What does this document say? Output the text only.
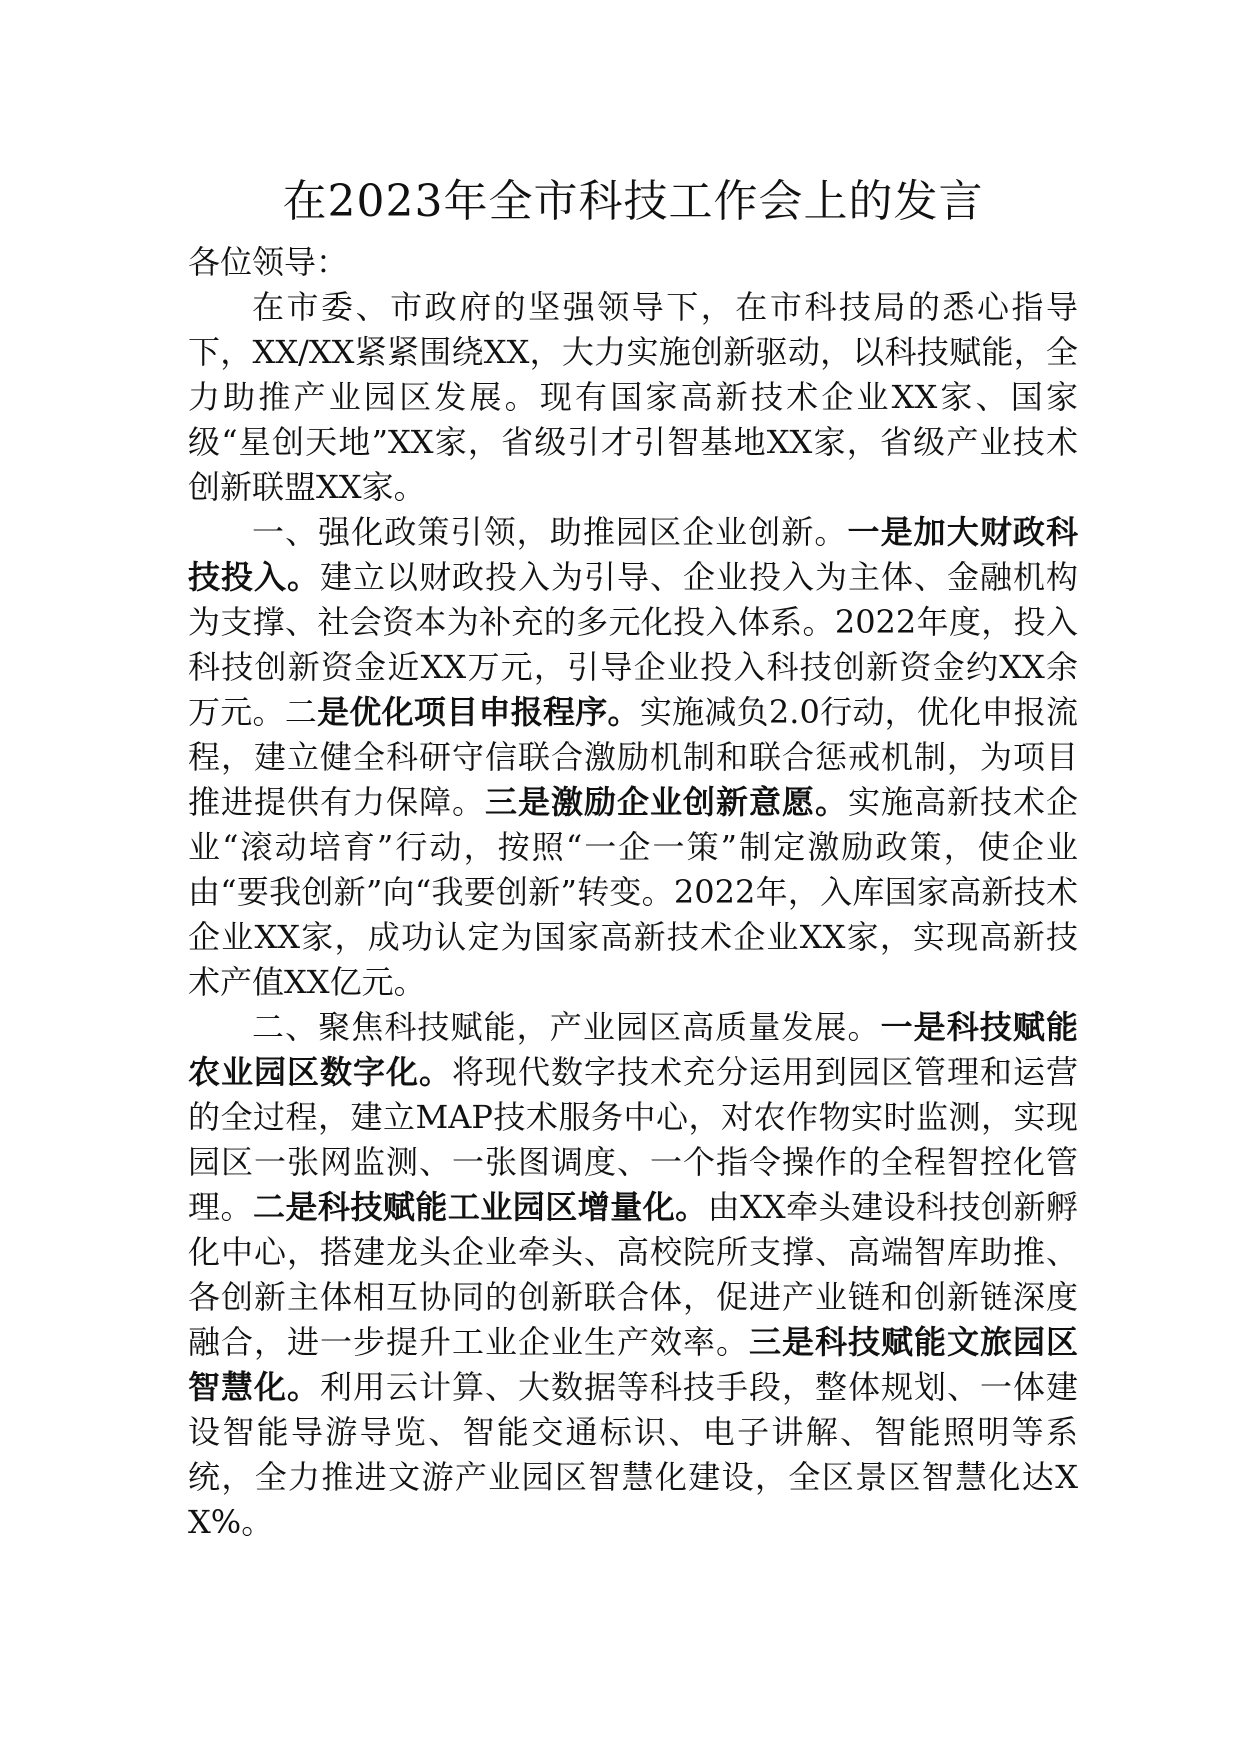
在2023年全市科技工作会上的发言

各位领导：

在市委、市政府的坚强领导下，在市科技局的悉心指导下，XX/XX紧紧围绕XX，大力实施创新驱动，以科技赋能，全力助推产业园区发展。现有国家高新技术企业XX家、国家级“星创天地”XX家，省级引才引智基地XX家，省级产业技术创新联盟XX家。

一、强化政策引领，助推园区企业创新。一是加大财政科技投入。建立以财政投入为引导、企业投入为主体、金融机构为支撑、社会资本为补充的多元化投入体系。2022年度，投入科技创新资金近XX万元，引导企业投入科技创新资金约XX余万元。二是优化项目申报程序。实施减负2.0行动，优化申报流程，建立健全科研守信联合激励机制和联合惩戒机制，为项目推进提供有力保障。三是激励企业创新意愿。实施高新技术企业“滚动培育”行动，按照“一企一策”制定激励政策，使企业由“要我创新”向“我要创新”转变。2022年，入库国家高新技术企业XX家，成功认定为国家高新技术企业XX家，实现高新技术产值XX亿元。

二、聚焦科技赋能，产业园区高质量发展。一是科技赋能农业园区数字化。将现代数字技术充分运用到园区管理和运营的全过程，建立MAP技术服务中心，对农作物实时监测，实现园区一张网监测、一张图调度、一个指令操作的全程智控化管理。二是科技赋能工业园区增量化。由XX牵头建设科技创新孵化中心，搭建龙头企业牵头、高校院所支撑、高端智库助推、各创新主体相互协同的创新联合体，促进产业链和创新链深度融合，进一步提升工业企业生产效率。三是科技赋能文旅园区智慧化。利用云计算、大数据等科技手段，整体规划、一体建设智能导游导览、智能交通标识、电子讲解、智能照明等系统，全力推进文游产业园区智慧化建设，全区景区智慧化达XX%。
